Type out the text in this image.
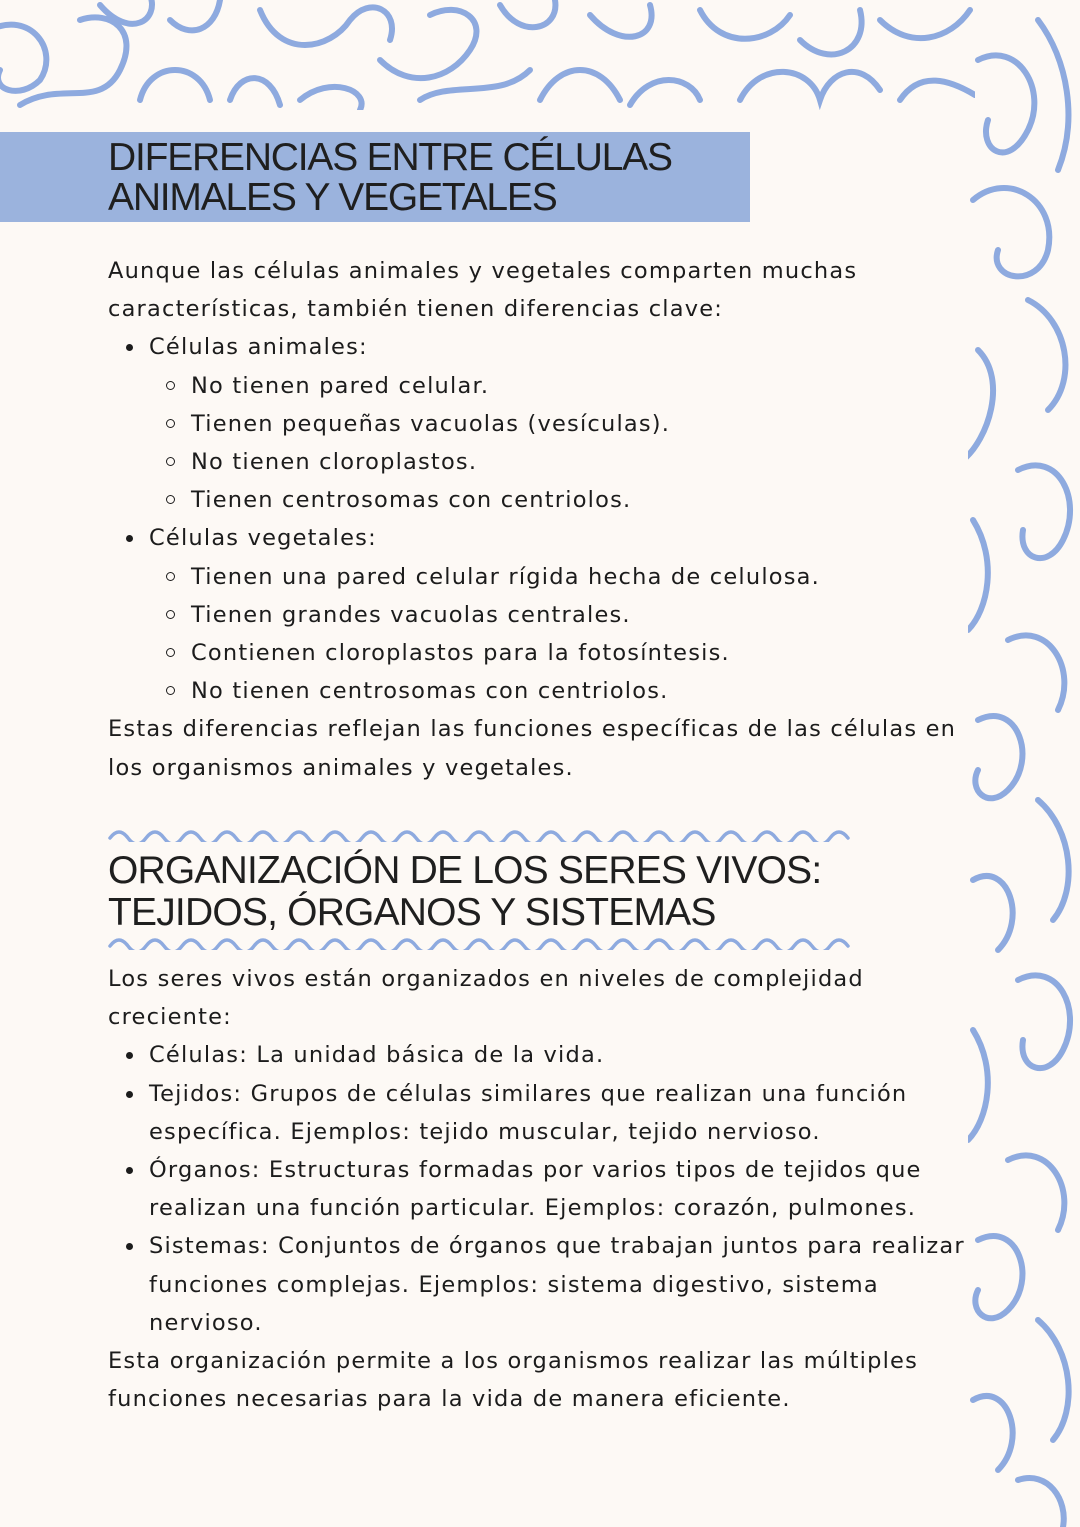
DIFERENCIAS ENTRE CÉLULAS ANIMALES Y VEGETALES

Aunque las células animales y vegetales comparten muchas características, también tienen diferencias clave:

Células animales:
No tienen pared celular.
Tienen pequeñas vacuolas (vesículas).
No tienen cloroplastos.
Tienen centrosomas con centriolos.
Células vegetales:
Tienen una pared celular rígida hecha de celulosa.
Tienen grandes vacuolas centrales.
Contienen cloroplastos para la fotosíntesis.
No tienen centrosomas con centriolos.

Estas diferencias reflejan las funciones específicas de las células en los organismos animales y vegetales.

ORGANIZACIÓN DE LOS SERES VIVOS: TEJIDOS, ÓRGANOS Y SISTEMAS

Los seres vivos están organizados en niveles de complejidad creciente:

Células: La unidad básica de la vida.
Tejidos: Grupos de células similares que realizan una función específica. Ejemplos: tejido muscular, tejido nervioso.
Órganos: Estructuras formadas por varios tipos de tejidos que realizan una función particular. Ejemplos: corazón, pulmones.
Sistemas: Conjuntos de órganos que trabajan juntos para realizar funciones complejas. Ejemplos: sistema digestivo, sistema nervioso.

Esta organización permite a los organismos realizar las múltiples funciones necesarias para la vida de manera eficiente.
